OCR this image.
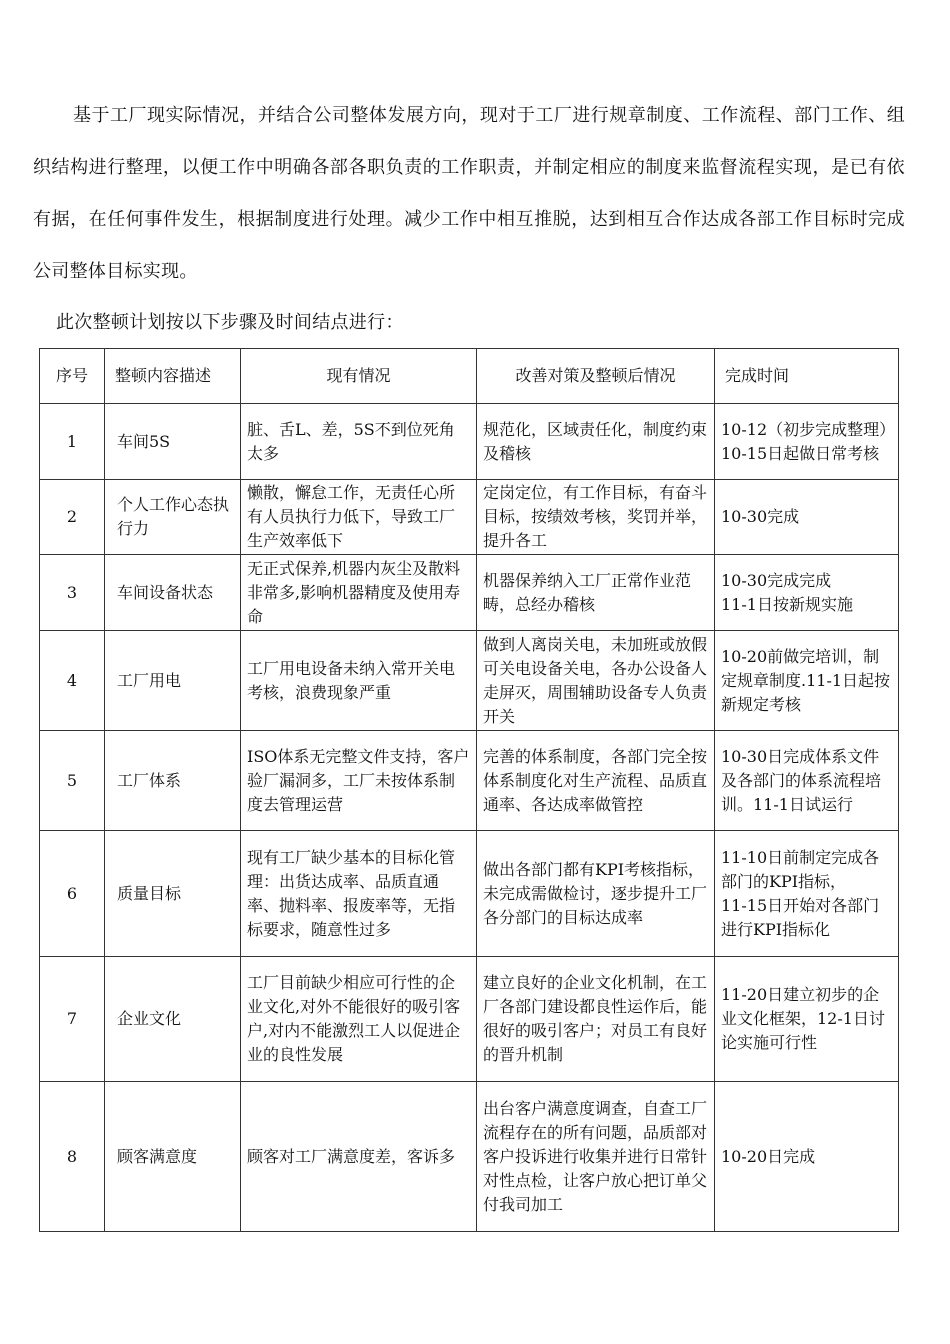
基于工厂现实际情况，并结合公司整体发展方向，现对于工厂进行规章制度、工作流程、部门工作、组织结构进行整理，以便工作中明确各部各职负责的工作职责，并制定相应的制度来监督流程实现，是已有依有据，在任何事件发生，根据制度进行处理。减少工作中相互推脱，达到相互合作达成各部工作目标时完成公司整体目标实现。

此次整顿计划按以下步骤及时间结点进行：

序号	整顿内容描述	现有情况	改善对策及整顿后情况	完成时间

1	车间5S	脏、舌L、差，5S不到位死角太多	规范化，区域责任化，制度约束及稽核	10-12（初步完成整理）10-15日起做日常考核

2	个人工作心态执行力	懒散，懈怠工作，无责任心所有人员执行力低下，导致工厂生产效率低下	定岗定位，有工作目标，有奋斗目标，按绩效考核，奖罚并举，提升各工	10-30完成

3	车间设备状态	无正式保养,机器内灰尘及散料非常多,影响机器精度及使用寿命	机器保养纳入工厂正常作业范畴，总经办稽核	10-30完成完成
11-1日按新规实施

4	工厂用电	工厂用电设备未纳入常开关电考核，浪费现象严重	做到人离岗关电，未加班或放假可关电设备关电，各办公设备人走屏灭，周围辅助设备专人负责开关	10-20前做完培训，制定规章制度.11-1日起按新规定考核

5	工厂体系	ISO体系无完整文件支持，客户验厂漏洞多，工厂未按体系制度去管理运营	完善的体系制度，各部门完全按体系制度化对生产流程、品质直通率、各达成率做管控	10-30日完成体系文件及各部门的体系流程培训。11-1日试运行

6	质量目标	现有工厂缺少基本的目标化管理：出货达成率、品质直通率、抛料率、报废率等，无指标要求，随意性过多	做出各部门都有KPI考核指标，未完成需做检讨，逐步提升工厂各分部门的目标达成率	11-10日前制定完成各部门的KPI指标，
11-15日开始对各部门进行KPI指标化

7	企业文化	工厂目前缺少相应可行性的企业文化,对外不能很好的吸引客户,对内不能激烈工人以促进企业的良性发展	建立良好的企业文化机制，在工厂各部门建设都良性运作后，能很好的吸引客户；对员工有良好的晋升机制	11-20日建立初步的企业文化框架，12-1日讨论实施可行性

8	顾客满意度	顾客对工厂满意度差，客诉多	出台客户满意度调查，自查工厂流程存在的所有问题，品质部对客户投诉进行收集并进行日常针对性点检，让客户放心把订单父付我司加工	10-20日完成
